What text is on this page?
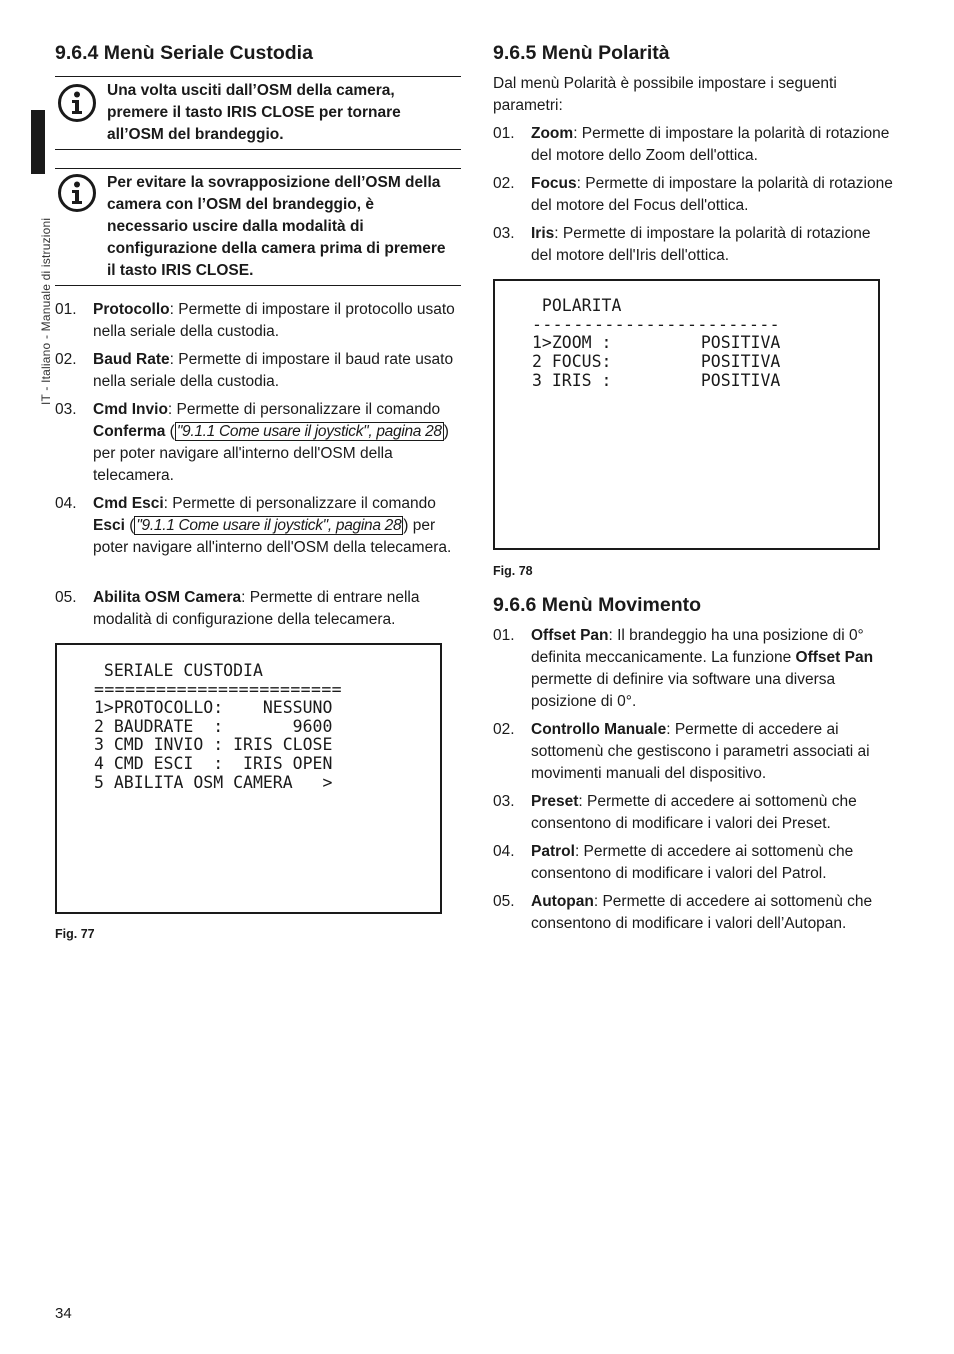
IT - Italiano - Manuale di istruzioni
9.6.4 Menù Seriale Custodia
Una volta usciti dall’OSM della camera, premere il tasto IRIS CLOSE per tornare all’OSM del brandeggio.
Per evitare la sovrapposizione dell’OSM della camera con l’OSM del brandeggio, è necessario uscire dalla modalità di configurazione della camera prima di premere il tasto IRIS CLOSE.
01. Protocollo: Permette di impostare il protocollo usato nella seriale della custodia.
02. Baud Rate: Permette di impostare il baud rate usato nella seriale della custodia.
03. Cmd Invio: Permette di personalizzare il comando Conferma ( "9.1.1 Come usare il joystick", pagina 28 ) per poter navigare all'interno dell'OSM della telecamera.
04. Cmd Esci: Permette di personalizzare il comando Esci ( "9.1.1 Come usare il joystick", pagina 28 ) per poter navigare all'interno dell'OSM della telecamera.
05. Abilita OSM Camera: Permette di entrare nella modalità di configurazione della telecamera.

SERIALE CUSTODIA

========================

1>PROTOCOLLO:    NESSUNO

2 BAUDRATE  :       9600

3 CMD INVIO : IRIS CLOSE

4 CMD ESCI  :  IRIS OPEN

5 ABILITA OSM CAMERA   >

Fig. 77
9.6.5 Menù Polarità
Dal menù Polarità è possibile impostare i seguenti parametri:
01. Zoom: Permette di impostare la polarità di rotazione del motore dello Zoom dell'ottica.
02. Focus: Permette di impostare la polarità di rotazione del motore del Focus dell'ottica.
03. Iris: Permette di impostare la polarità di rotazione del motore dell'Iris dell'ottica.

POLARITA

------------------------

1>ZOOM :         POSITIVA

2 FOCUS:         POSITIVA

3 IRIS :         POSITIVA

Fig. 78
9.6.6 Menù Movimento
01. Offset Pan: Il brandeggio ha una posizione di 0° definita meccanicamente. La funzione Offset Pan permette di definire via software una diversa posizione di 0°.
02. Controllo Manuale: Permette di accedere ai sottomenù che gestiscono i parametri associati ai movimenti manuali del dispositivo.
03. Preset: Permette di accedere ai sottomenù che consentono di modificare i valori dei Preset.
04. Patrol: Permette di accedere ai sottomenù che consentono di modificare i valori del Patrol.
05. Autopan: Permette di accedere ai sottomenù che consentono di modificare i valori dell’Autopan.
34
